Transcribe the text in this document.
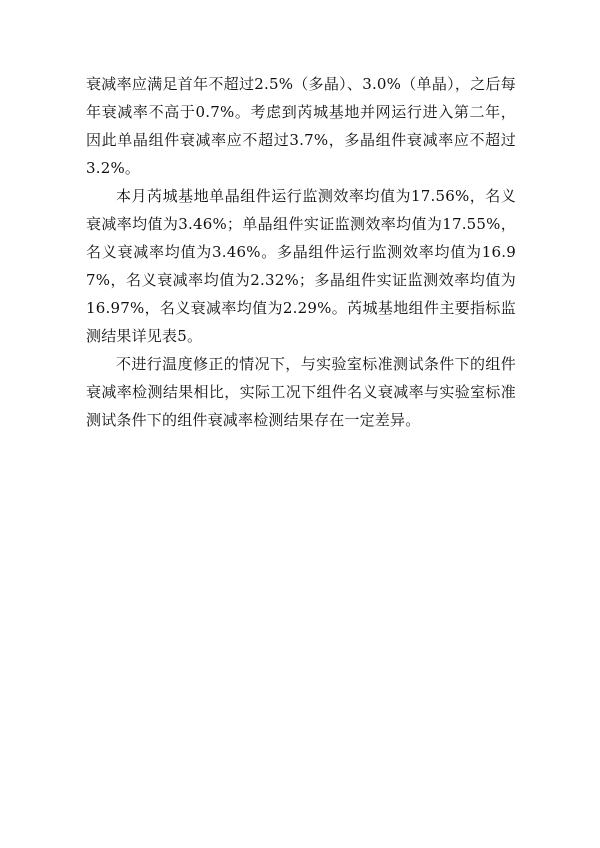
衰减率应满足首年不超过2.5%（多晶）、3.0%（单晶），之后每年衰减率不高于0.7%。考虑到芮城基地并网运行进入第二年，因此单晶组件衰减率应不超过3.7%，多晶组件衰减率应不超过3.2%。

本月芮城基地单晶组件运行监测效率均值为17.56%，名义衰减率均值为3.46%；单晶组件实证监测效率均值为17.55%，名义衰减率均值为3.46%。多晶组件运行监测效率均值为16.97%，名义衰减率均值为2.32%；多晶组件实证监测效率均值为16.97%，名义衰减率均值为2.29%。芮城基地组件主要指标监测结果详见表5。

不进行温度修正的情况下，与实验室标准测试条件下的组件衰减率检测结果相比，实际工况下组件名义衰减率与实验室标准测试条件下的组件衰减率检测结果存在一定差异。
